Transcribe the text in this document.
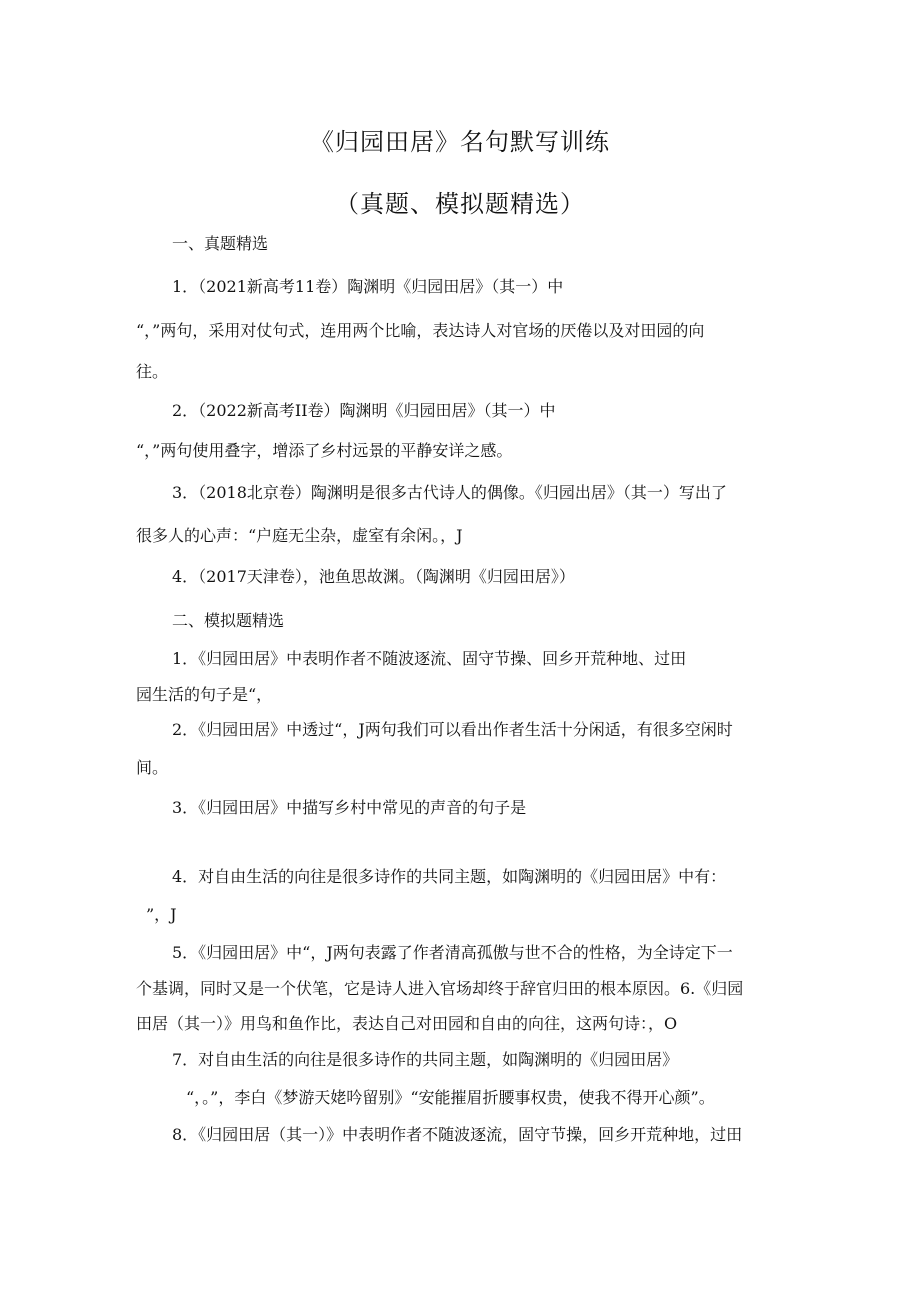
《归园田居》名句默写训练
（真题、模拟题精选）
一、真题精选
1．（2021新高考11卷）陶渊明《归园田居》（其一）中
“，”两句，采用对仗句式，连用两个比喻，表达诗人对官场的厌倦以及对田园的向
往。
2．（2022新高考II卷）陶渊明《归园田居》（其一）中
“，”两句使用叠字，增添了乡村远景的平静安详之感。
3．（2018北京卷）陶渊明是很多古代诗人的偶像。《归园出居》（其一）写出了
很多人的心声：“户庭无尘杂，虚室有余闲。，J
4．（2017天津卷），池鱼思故渊。（陶渊明《归园田居》）
二、模拟题精选
1．《归园田居》中表明作者不随波逐流、固守节操、回乡开荒种地、过田
园生活的句子是“，
2．《归园田居》中透过“，J两句我们可以看出作者生活十分闲适，有很多空闲时
间。
3．《归园田居》中描写乡村中常见的声音的句子是
4．对自由生活的向往是很多诗作的共同主题，如陶渊明的《归园田居》中有：
”，J
5．《归园田居》中“，J两句表露了作者清高孤傲与世不合的性格，为全诗定下一
个基调，同时又是一个伏笔，它是诗人进入官场却终于辞官归田的根本原因。6.《归园
田居（其一）》用鸟和鱼作比，表达自己对田园和自由的向往，这两句诗：，O
7．对自由生活的向往是很多诗作的共同主题，如陶渊明的《归园田居》
“，。”，李白《梦游天姥吟留别》“安能摧眉折腰事权贵，使我不得开心颜”。
8．《归园田居（其一）》中表明作者不随波逐流，固守节操，回乡开荒种地，过田
